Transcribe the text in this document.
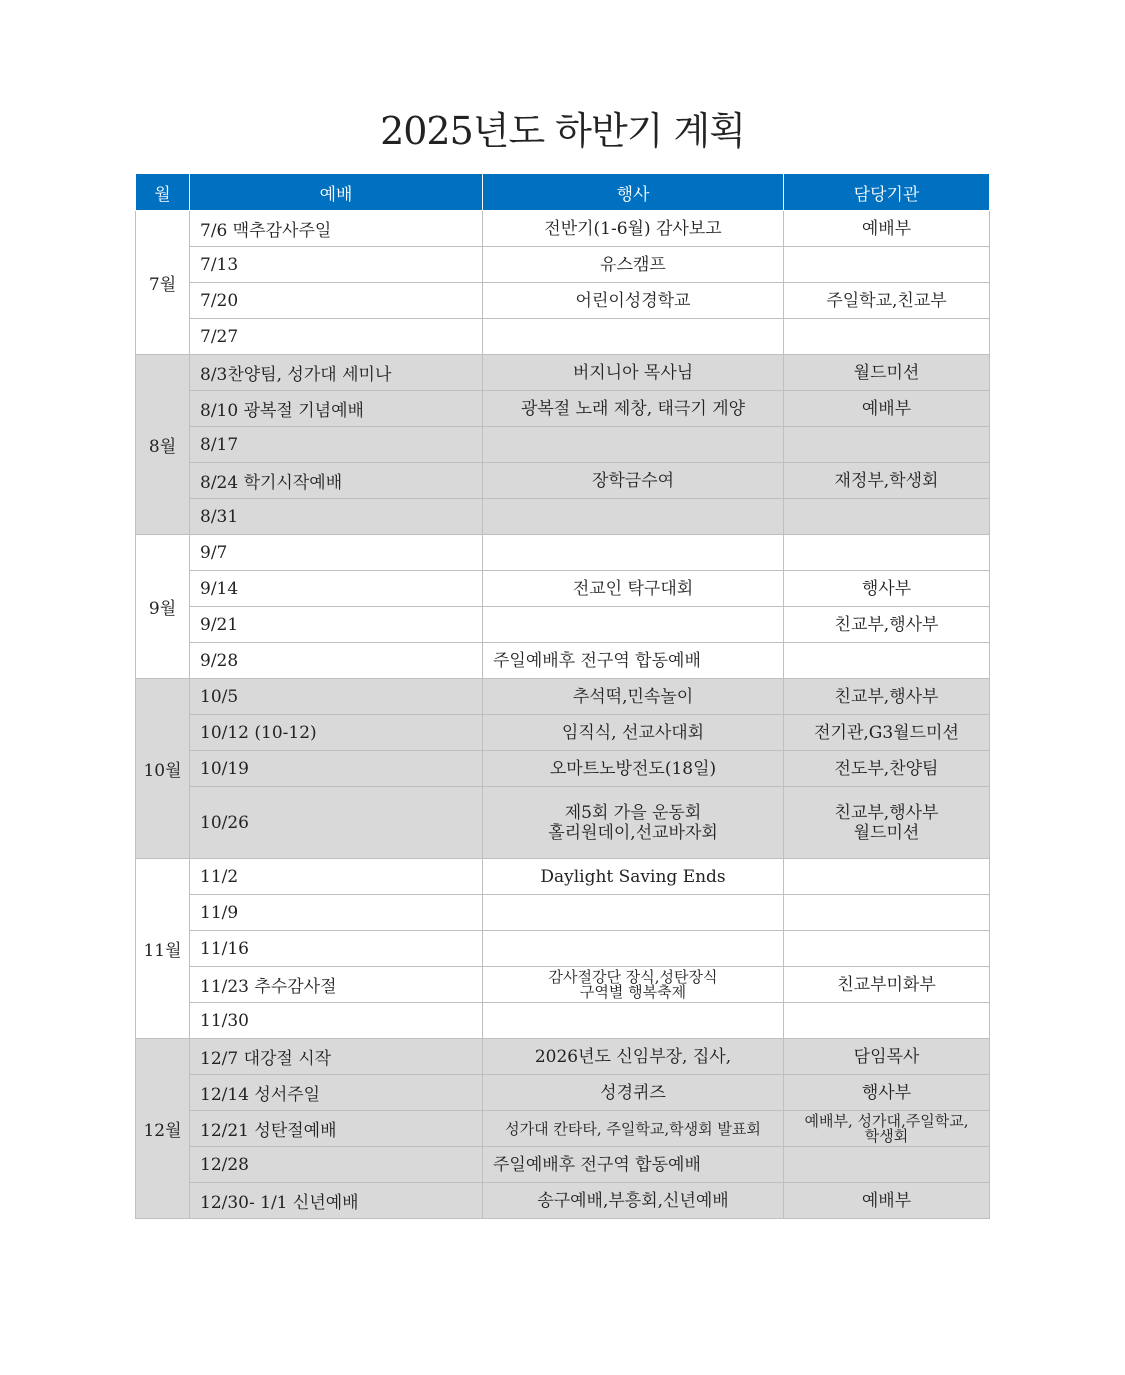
2025년도 하반기 계획
월	예배	행사	담당기관
7월	7/6 맥추감사주일	전반기(1-6월) 감사보고	예배부

	7/13	유스캠프	

	7/20	어린이성경학교	주일학교,친교부

	7/27	

8월	8/3찬양팀, 성가대 세미나	버지니아 목사님	월드미션

	8/10 광복절 기념예배	광복절 노래 제창, 태극기 게양	예배부

	8/17	

	8/24 학기시작예배	장학금수여	재정부,학생회

	8/31	

9월	9/7	

	9/14	전교인 탁구대회	행사부

	9/21		친교부,행사부

	9/28	주일예배후 전구역 합동예배	

10월	10/5	추석떡,민속놀이	친교부,행사부

	10/12 (10-12)	임직식, 선교사대회	전기관,G3월드미션

	10/19	오마트노방전도(18일)	전도부,찬양팀

	10/26	제5회 가을 운동회
홀리원데이,선교바자회	친교부,행사부
월드미션

11월	11/2	Daylight Saving Ends	

	11/9	

	11/16	

	11/23 추수감사절	감사절강단 장식,성탄장식
구역별 행복축제	친교부미화부

	11/30	

12월	12/7 대강절 시작	2026년도 신임부장, 집사,	담임목사

	12/14 성서주일	성경퀴즈	행사부

	12/21 성탄절예배	성가대 칸타타, 주일학교,학생회 발표회	예배부, 성가대,주일학교,
학생회

	12/28	주일예배후 전구역 합동예배	

	12/30- 1/1 신년예배	송구예배,부흥회,신년예배	예배부
